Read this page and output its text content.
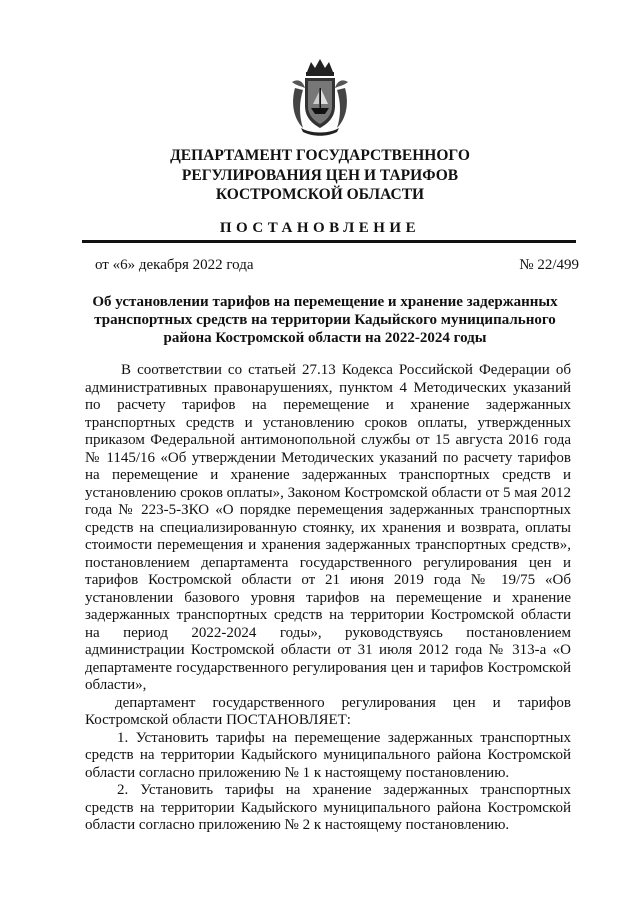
ДЕПАРТАМЕНТ ГОСУДАРСТВЕННОГО
РЕГУЛИРОВАНИЯ ЦЕН И ТАРИФОВ
КОСТРОМСКОЙ ОБЛАСТИ
ПОСТАНОВЛЕНИЕ
от «6» декабря 2022 года	№ 22/499
Об установлении тарифов на перемещение и хранение задержанных
транспортных средств на территории Кадыйского муниципального
района Костромской области на 2022-2024 годы

В соответствии со статьей 27.13 Кодекса Российской Федерации об административных правонарушениях, пунктом 4 Методических указаний по расчету тарифов на перемещение и хранение задержанных транспортных средств и установлению сроков оплаты, утвержденных приказом Федеральной антимонопольной службы от 15 августа 2016 года № 1145/16 «Об утверждении Методических указаний по расчету тарифов на перемещение и хранение задержанных транспортных средств и установлению сроков оплаты», Законом Костромской области от 5 мая 2012 года № 223-5-ЗКО «О порядке перемещения задержанных транспортных средств на специализированную стоянку, их хранения и возврата, оплаты стоимости перемещения и хранения задержанных транспортных средств», постановлением департамента государственного регулирования цен и тарифов Костромской области от 21 июня 2019 года № 19/75 «Об установлении базового уровня тарифов на перемещение и хранение задержанных транспортных средств на территории Костромской области на период 2022-2024 годы», руководствуясь постановлением администрации Костромской области от 31 июля 2012 года № 313-а «О департаменте государственного регулирования цен и тарифов Костромской области»,

департамент государственного регулирования цен и тарифов Костромской области ПОСТАНОВЛЯЕТ:

1. Установить тарифы на перемещение задержанных транспортных средств на территории Кадыйского муниципального района Костромской области согласно приложению № 1 к настоящему постановлению.

2. Установить тарифы на хранение задержанных транспортных средств на территории Кадыйского муниципального района Костромской области согласно приложению № 2 к настоящему постановлению.
